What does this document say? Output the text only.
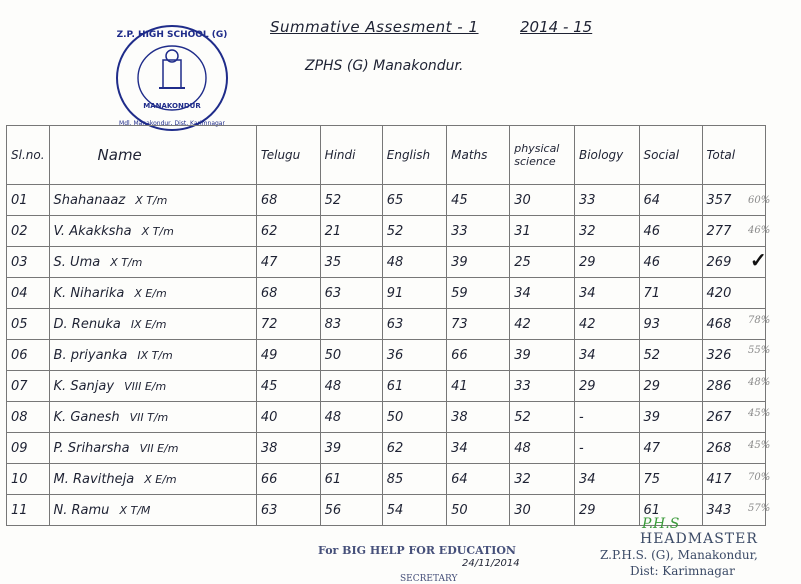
Summative Assesment - 1	2014 - 15
ZPHS (G) Manakondur.
Z.P. HIGH SCHOOL (G)
MANAKONDUR
Mdl. Manakondur, Dist. Karimnagar
Sl.no.	Name	Telugu	Hindi	English	Maths	physical science	Biology	Social	Total
01	Shahanaaz X T/m	68	52	65	45	30	33	64	357
02	V. Akakksha X T/m	62	21	52	33	31	32	46	277
03	S. Uma X T/m	47	35	48	39	25	29	46	269
04	K. Niharika X E/m	68	63	91	59	34	34	71	420
05	D. Renuka IX E/m	72	83	63	73	42	42	93	468
06	B. priyanka IX T/m	49	50	36	66	39	34	52	326
07	K. Sanjay VIII E/m	45	48	61	41	33	29	29	286
08	K. Ganesh VII T/m	40	48	50	38	52	-	39	267
09	P. Sriharsha VII E/m	38	39	62	34	48	-	47	268
10	M. Ravitheja X E/m	66	61	85	64	32	34	75	417
11	N. Ramu X T/M	63	56	54	50	30	29	61	343
60%
46%
78%
55%
48%
45%
45%
70%
57%
✓
For BIG HELP FOR EDUCATION
24/11/2014
SECRETARY
P.H.S
HEADMASTER
Z.P.H.S. (G), Manakondur,
Dist: Karimnagar
